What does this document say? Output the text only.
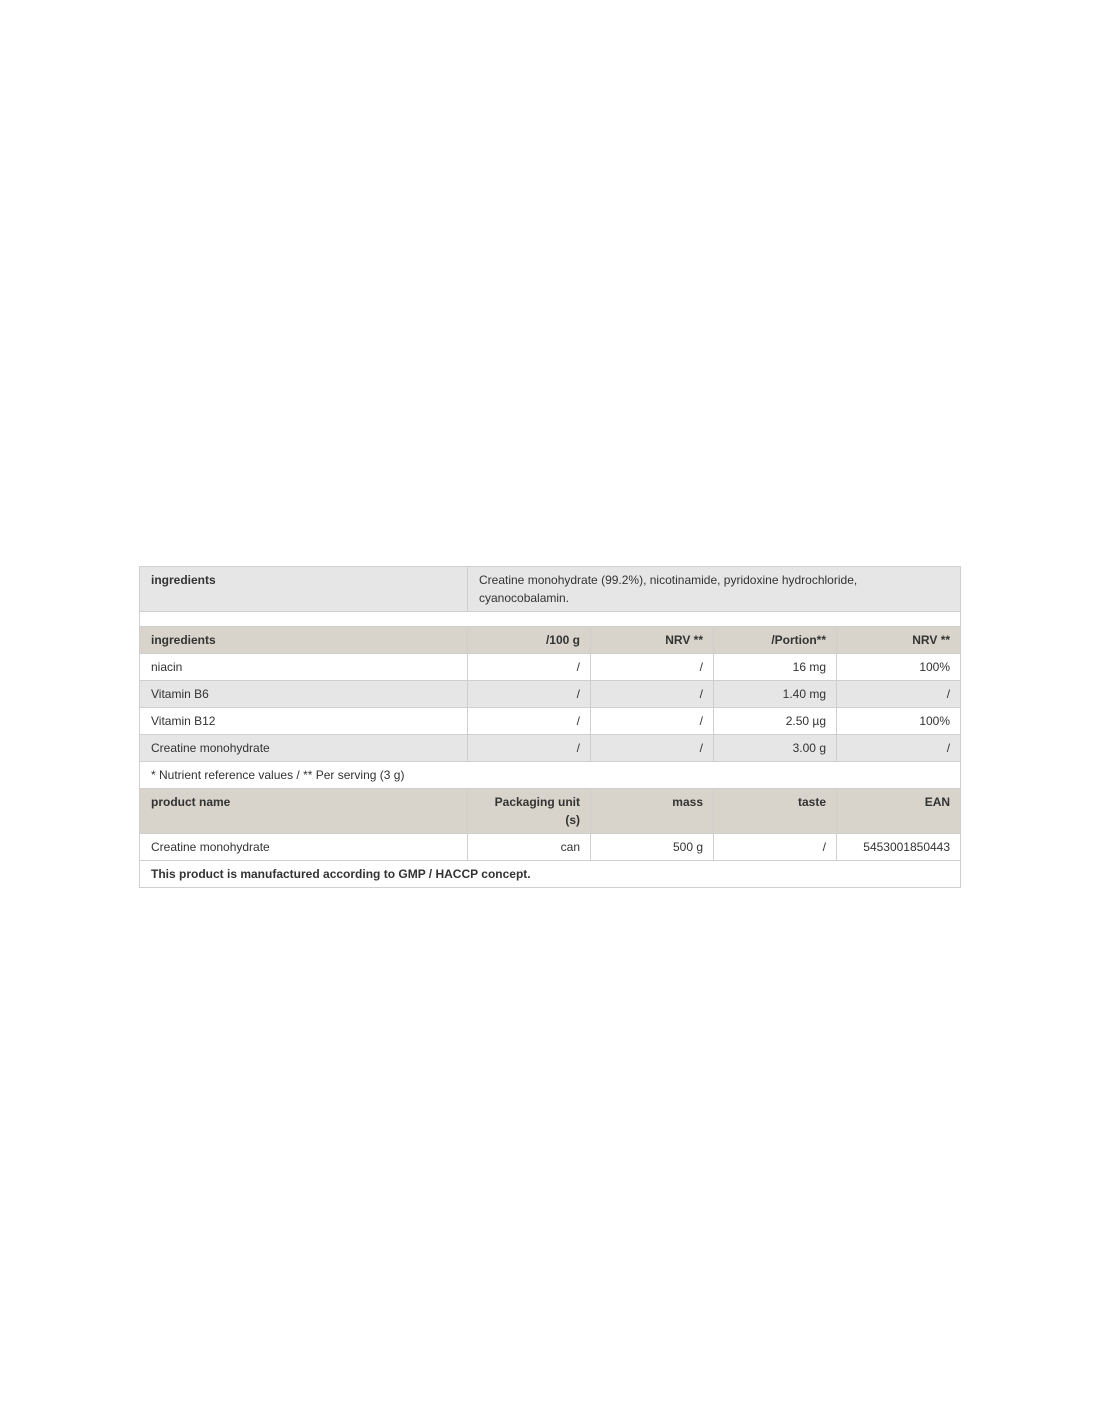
ingredients	Creatine monohydrate (99.2%), nicotinamide, pyridoxine hydrochloride, cyanocobalamin.			

ingredients	/100 g	NRV **	/Portion**	NRV **
niacin	/	/	16 mg	100%
Vitamin B6	/	/	1.40 mg	/
Vitamin B12	/	/	2.50 µg	100%
Creatine monohydrate	/	/	3.00 g	/
* Nutrient reference values / ** Per serving (3 g)				
product name	Packaging unit (s)	mass	taste	EAN
Creatine monohydrate	can	500 g	/	5453001850443
This product is manufactured according to GMP / HACCP concept.				
